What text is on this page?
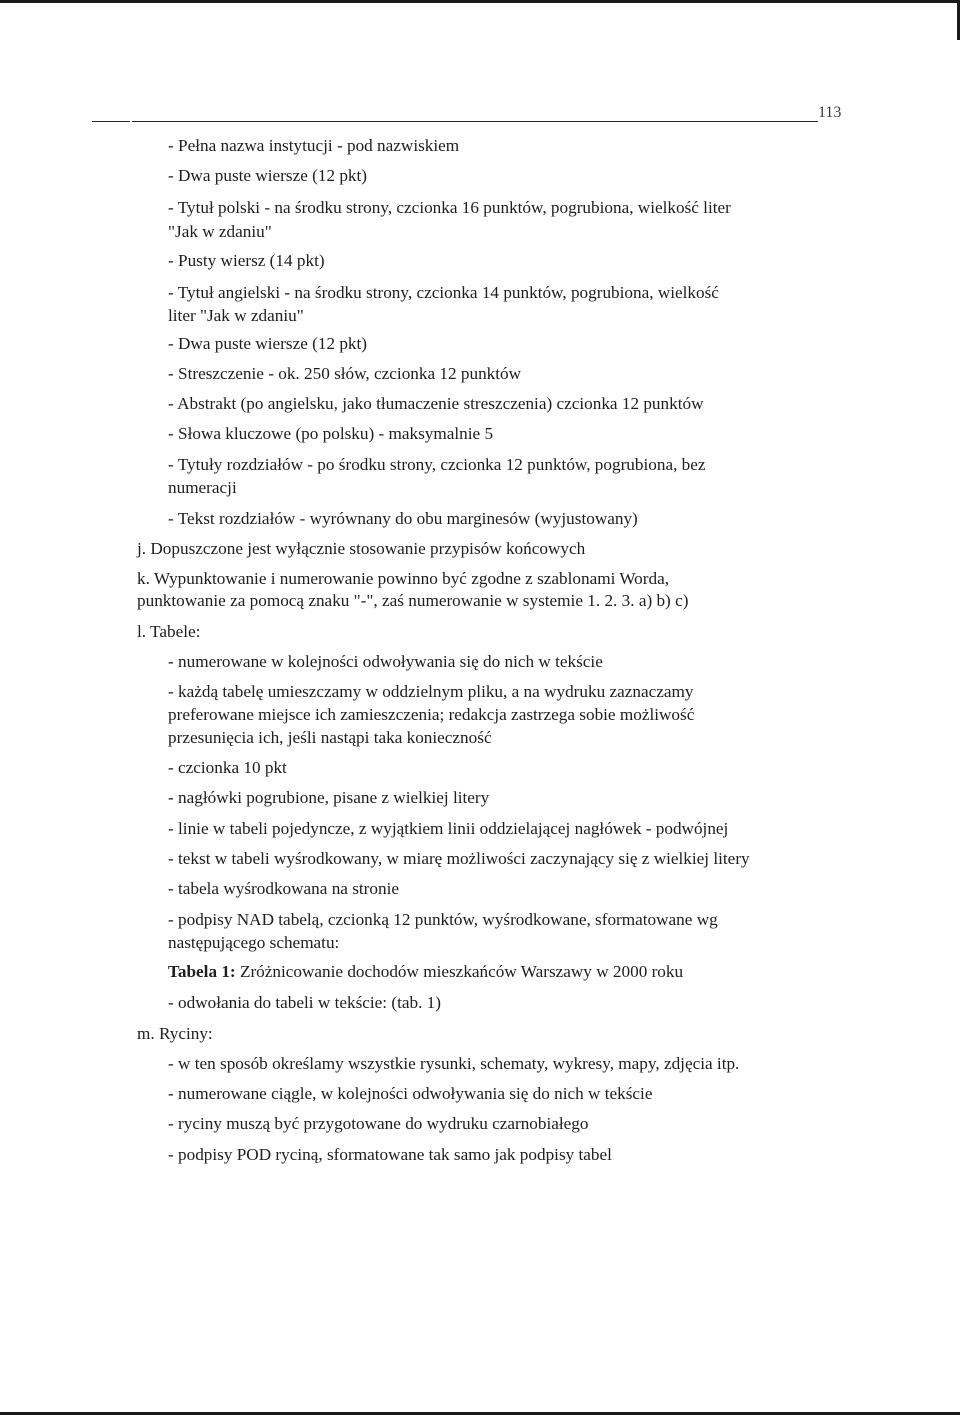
113
- Pełna nazwa instytucji - pod nazwiskiem
- Dwa puste wiersze (12 pkt)
- Tytuł polski - na środku strony, czcionka 16 punktów, pogrubiona, wielkość liter
"Jak w zdaniu"
- Pusty wiersz (14 pkt)
- Tytuł angielski - na środku strony, czcionka 14 punktów, pogrubiona, wielkość
liter "Jak w zdaniu"
- Dwa puste wiersze (12 pkt)
- Streszczenie - ok. 250 słów, czcionka 12 punktów
- Abstrakt (po angielsku, jako tłumaczenie streszczenia) czcionka 12 punktów
- Słowa kluczowe (po polsku) - maksymalnie 5
- Tytuły rozdziałów - po środku strony, czcionka 12 punktów, pogrubiona, bez
numeracji
- Tekst rozdziałów - wyrównany do obu marginesów (wyjustowany)
j. Dopuszczone jest wyłącznie stosowanie przypisów końcowych
k. Wypunktowanie i numerowanie powinno być zgodne z szablonami Worda,
punktowanie za pomocą znaku "-", zaś numerowanie w systemie 1. 2. 3. a) b) c)
l. Tabele:
- numerowane w kolejności odwoływania się do nich w tekście
- każdą tabelę umieszczamy w oddzielnym pliku, a na wydruku zaznaczamy
preferowane miejsce ich zamieszczenia; redakcja zastrzega sobie możliwość
przesunięcia ich, jeśli nastąpi taka konieczność
- czcionka 10 pkt
- nagłówki pogrubione, pisane z wielkiej litery
- linie w tabeli pojedyncze, z wyjątkiem linii oddzielającej nagłówek - podwójnej
- tekst w tabeli wyśrodkowany, w miarę możliwości zaczynający się z wielkiej litery
- tabela wyśrodkowana na stronie
- podpisy NAD tabelą, czcionką 12 punktów, wyśrodkowane, sformatowane wg
następującego schematu:
Tabela 1: Zróżnicowanie dochodów mieszkańców Warszawy w 2000 roku
- odwołania do tabeli w tekście: (tab. 1)
m. Ryciny:
- w ten sposób określamy wszystkie rysunki, schematy, wykresy, mapy, zdjęcia itp.
- numerowane ciągle, w kolejności odwoływania się do nich w tekście
- ryciny muszą być przygotowane do wydruku czarnobiałego
- podpisy POD ryciną, sformatowane tak samo jak podpisy tabel
